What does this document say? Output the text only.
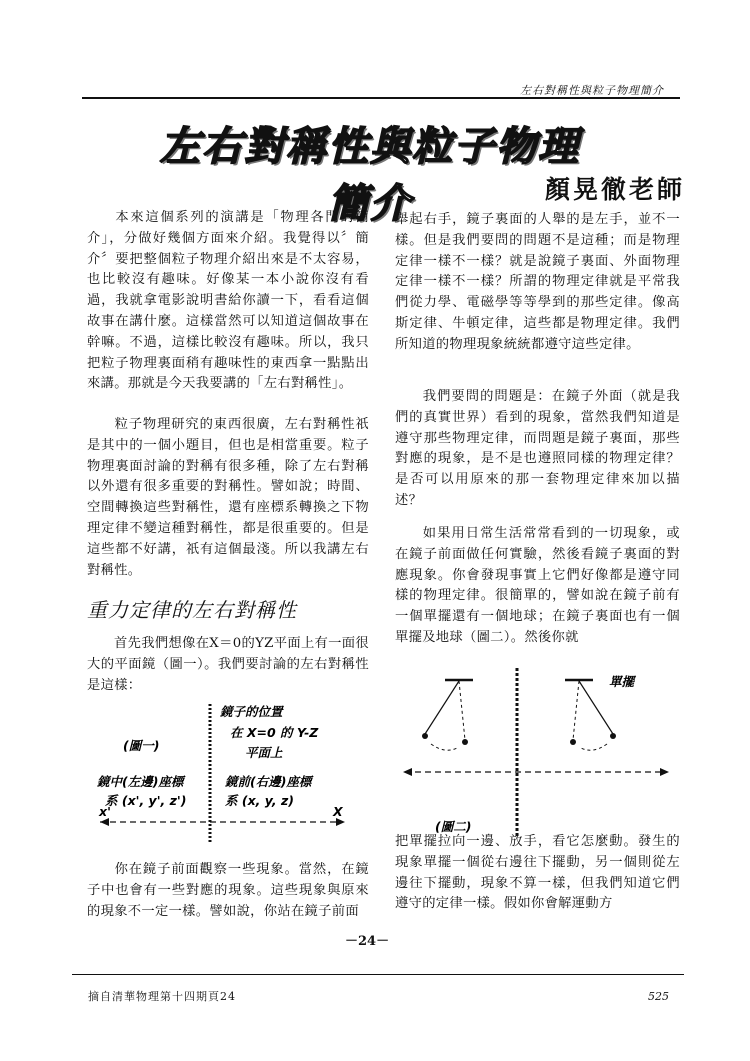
左右對稱性與粒子物理簡介
左右對稱性與粒子物理簡介	顏晃徹老師
本來這個系列的演講是「物理各門的簡介」，分做好幾個方面來介紹。我覺得以〞簡介〞要把整個粒子物理介紹出來是不太容易，也比較沒有趣味。好像某一本小說你沒有看過，我就拿電影說明書給你讀一下，看看這個故事在講什麼。這樣當然可以知道這個故事在幹嘛。不過，這樣比較沒有趣味。所以，我只把粒子物理裏面稍有趣味性的東西拿一點點出來講。那就是今天我要講的「左右對稱性」。
粒子物理研究的東西很廣，左右對稱性祇是其中的一個小題目，但也是相當重要。粒子物理裏面討論的對稱有很多種，除了左右對稱以外還有很多重要的對稱性。譬如說；時間、空間轉換這些對稱性，還有座標系轉換之下物理定律不變這種對稱性，都是很重要的。但是這些都不好講，祇有這個最淺。所以我講左右對稱性。
重力定律的左右對稱性
首先我們想像在X＝0的YZ平面上有一面很大的平面鏡（圖一）。我們要討論的左右對稱性是這樣：
(圖一)
鏡子的位置
在 X=0 的 Y-Z
平面上
鏡中(左邊)座標
系 (x', y', z')
鏡前(右邊)座標
系 (x, y, z)
x'	X
你在鏡子前面觀察一些現象。當然，在鏡子中也會有一些對應的現象。這些現象與原來的現象不一定一樣。譬如說，你站在鏡子前面
舉起右手，鏡子裏面的人舉的是左手，並不一樣。但是我們要問的問題不是這種；而是物理定律一樣不一樣？就是說鏡子裏面、外面物理定律一樣不一樣？所謂的物理定律就是平常我們從力學、電磁學等等學到的那些定律。像高斯定律、牛頓定律，這些都是物理定律。我們所知道的物理現象統統都遵守這些定律。
我們要問的問題是：在鏡子外面（就是我們的真實世界）看到的現象，當然我們知道是遵守那些物理定律，而問題是鏡子裏面，那些對應的現象，是不是也遵照同樣的物理定律？是否可以用原來的那一套物理定律來加以描述？
如果用日常生活常常看到的一切現象，或在鏡子前面做任何實驗，然後看鏡子裏面的對應現象。你會發現事實上它們好像都是遵守同樣的物理定律。很簡單的，譬如說在鏡子前有一個單擺還有一個地球；在鏡子裏面也有一個單擺及地球（圖二）。然後你就
單擺
(圖二)
把單擺拉向一邊、放手，看它怎麼動。發生的現象單擺一個從右邊往下擺動，另一個則從左邊往下擺動，現象不算一樣，但我們知道它們遵守的定律一樣。假如你會解運動方
－24－
摘自清華物理第十四期頁24	525
